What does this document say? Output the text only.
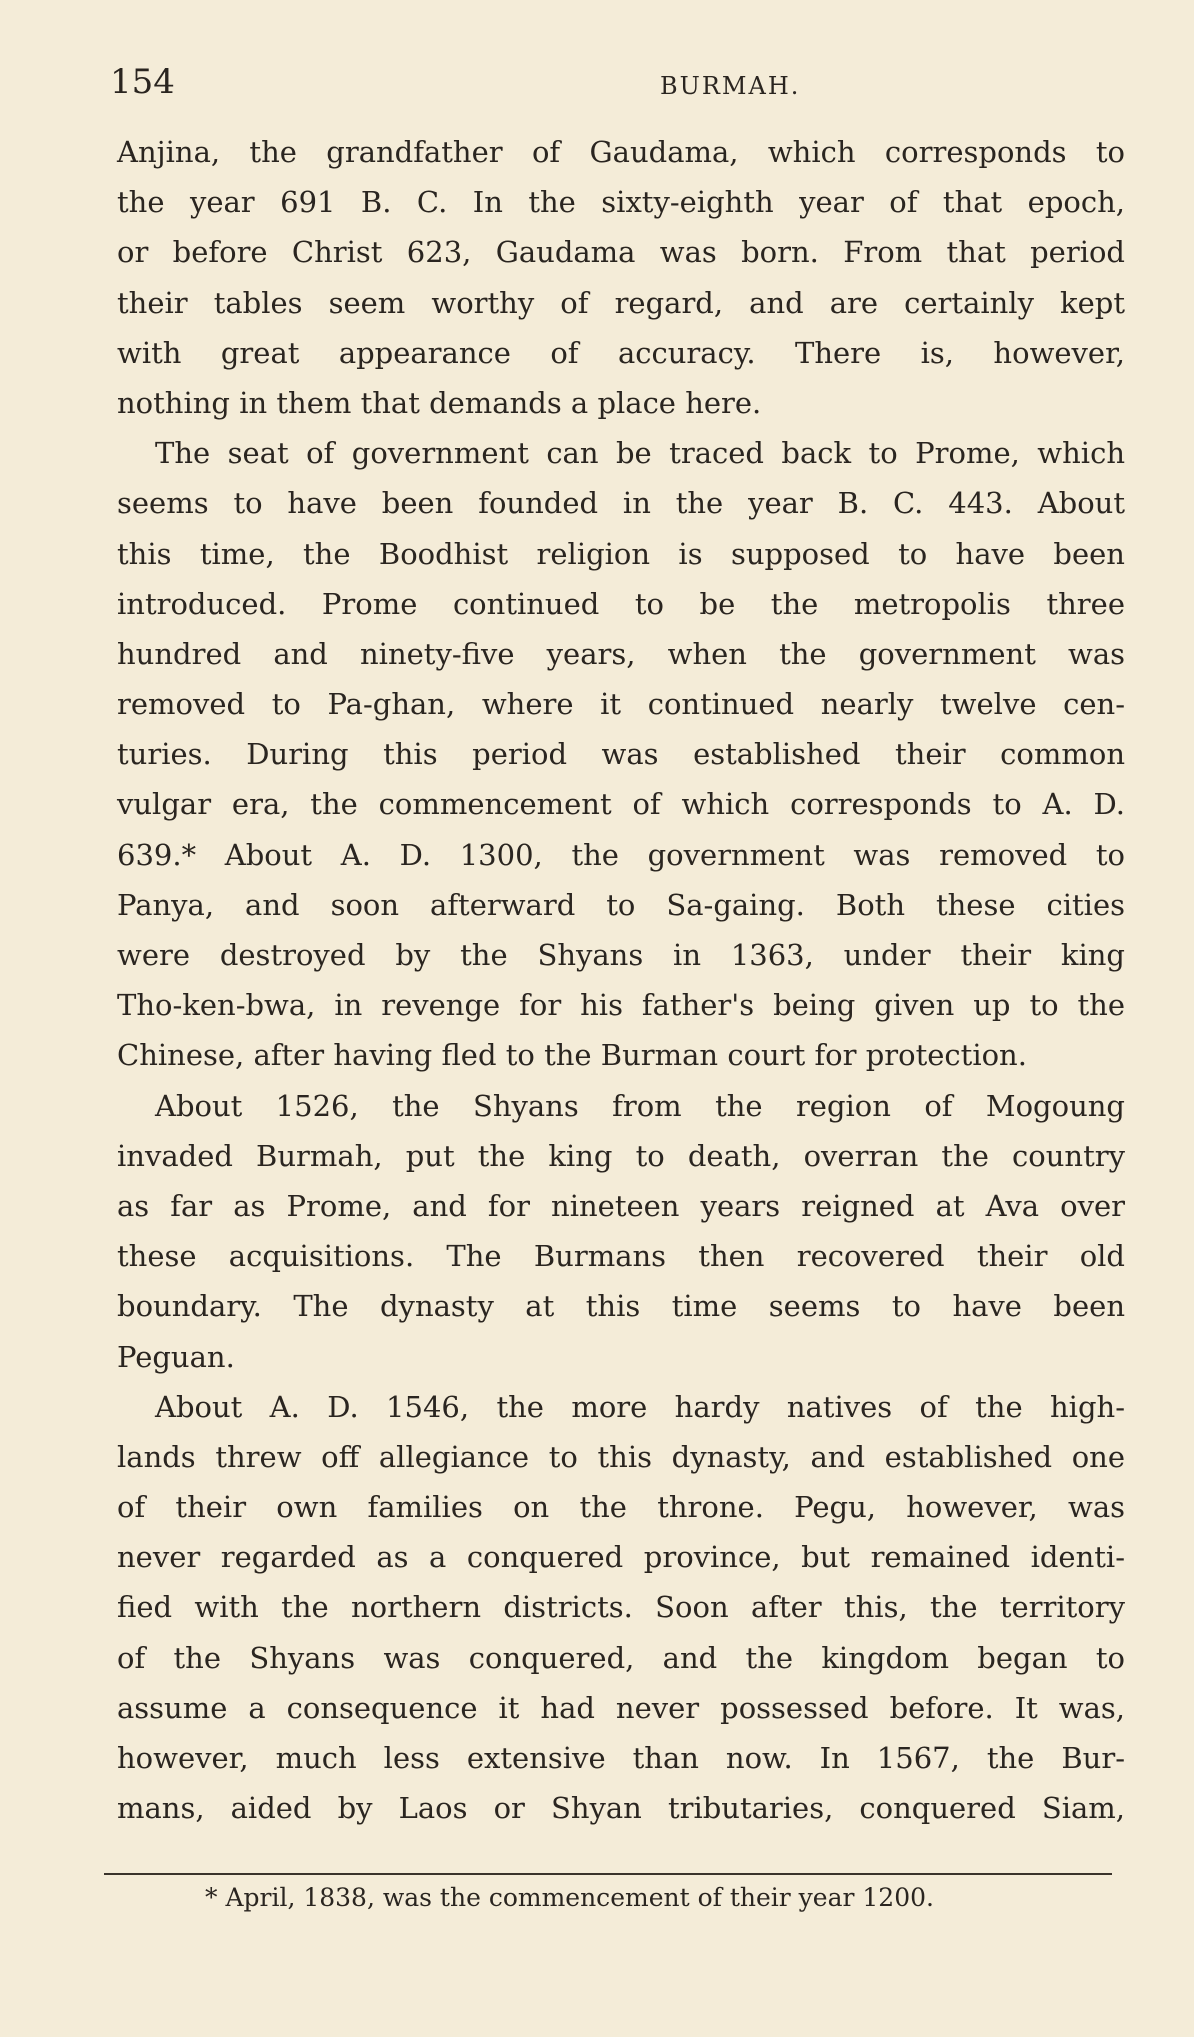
154	BURMAH.
Anjina, the grandfather of Gaudama, which corresponds to
the year 691 B. C. In the sixty-eighth year of that epoch,
or before Christ 623, Gaudama was born. From that period
their tables seem worthy of regard, and are certainly kept
with great appearance of accuracy. There is, however,
nothing in them that demands a place here.
The seat of government can be traced back to Prome, which
seems to have been founded in the year B. C. 443. About
this time, the Boodhist religion is supposed to have been
introduced. Prome continued to be the metropolis three
hundred and ninety-five years, when the government was
removed to Pa-ghan, where it continued nearly twelve cen-
turies. During this period was established their common
vulgar era, the commencement of which corresponds to A. D.
639.* About A. D. 1300, the government was removed to
Panya, and soon afterward to Sa-gaing. Both these cities
were destroyed by the Shyans in 1363, under their king
Tho-ken-bwa, in revenge for his father's being given up to the
Chinese, after having fled to the Burman court for protection.
About 1526, the Shyans from the region of Mogoung
invaded Burmah, put the king to death, overran the country
as far as Prome, and for nineteen years reigned at Ava over
these acquisitions. The Burmans then recovered their old
boundary. The dynasty at this time seems to have been
Peguan.
About A. D. 1546, the more hardy natives of the high-
lands threw off allegiance to this dynasty, and established one
of their own families on the throne. Pegu, however, was
never regarded as a conquered province, but remained identi-
fied with the northern districts. Soon after this, the territory
of the Shyans was conquered, and the kingdom began to
assume a consequence it had never possessed before. It was,
however, much less extensive than now. In 1567, the Bur-
mans, aided by Laos or Shyan tributaries, conquered Siam,
* April, 1838, was the commencement of their year 1200.
